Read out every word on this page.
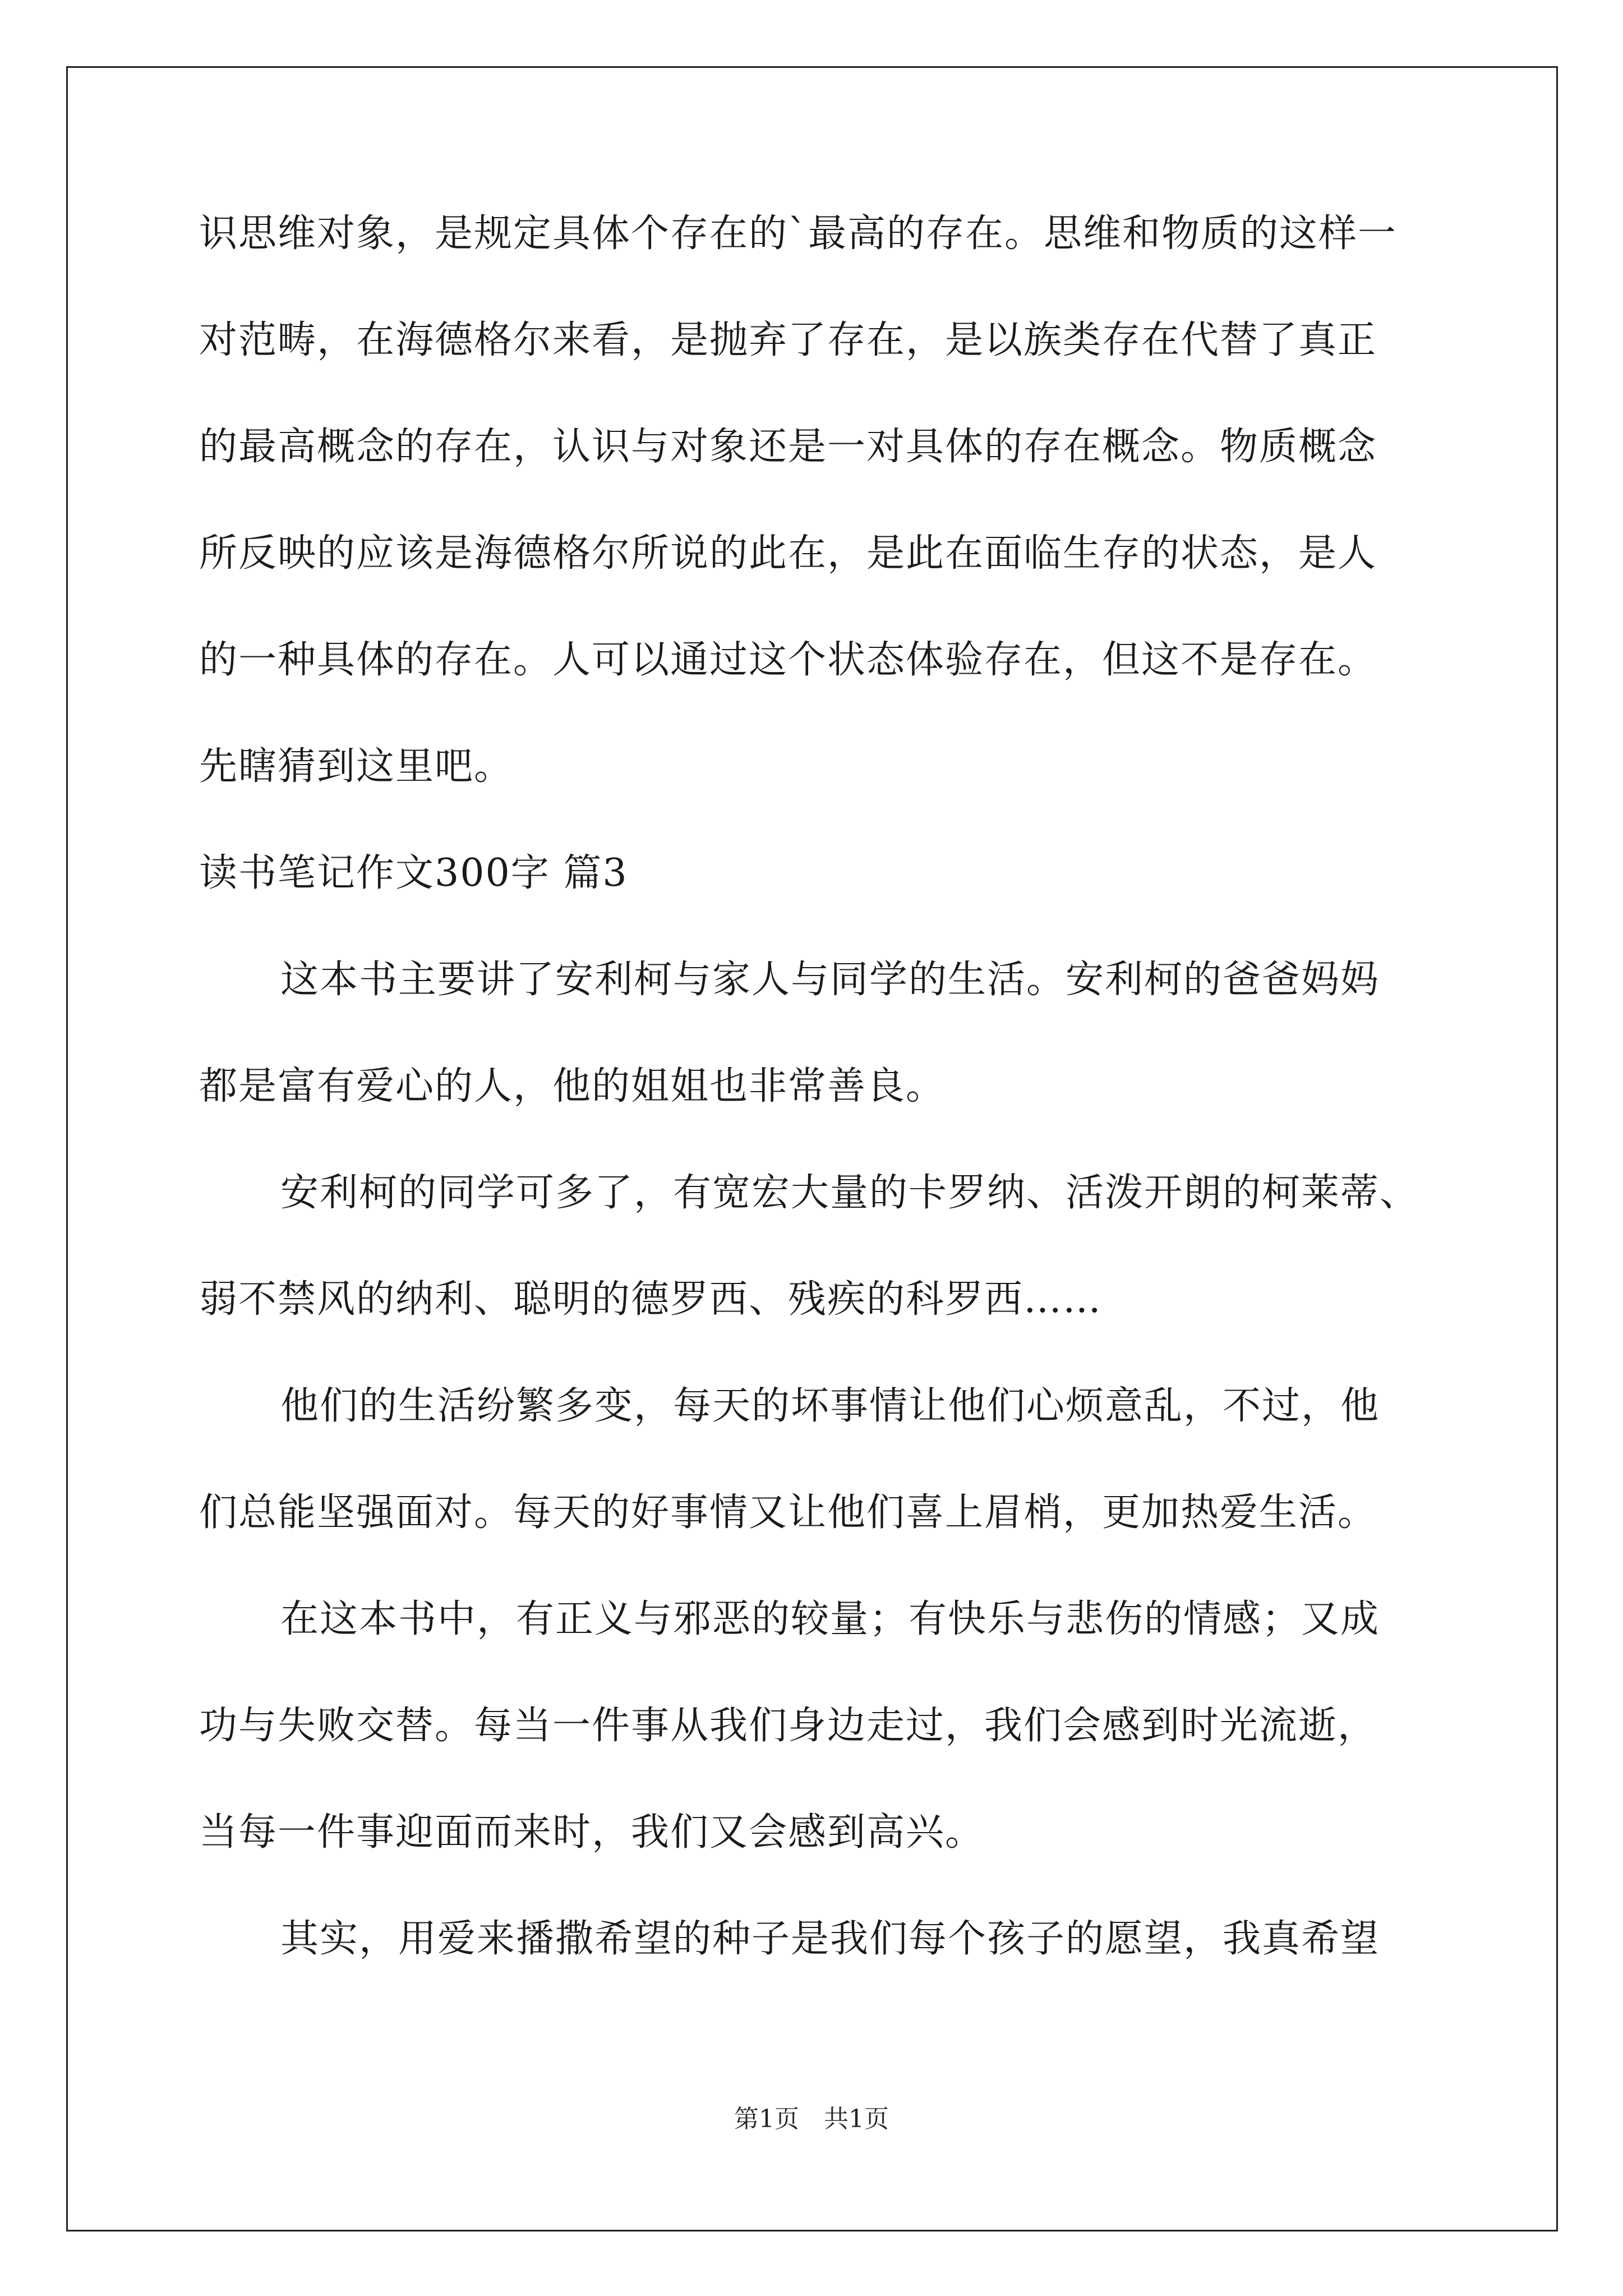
识思维对象，是规定具体个存在的`最高的存在。思维和物质的这样一

对范畴，在海德格尔来看，是抛弃了存在，是以族类存在代替了真正

的最高概念的存在，认识与对象还是一对具体的存在概念。物质概念

所反映的应该是海德格尔所说的此在，是此在面临生存的状态，是人

的一种具体的存在。人可以通过这个状态体验存在，但这不是存在。

先瞎猜到这里吧。

读书笔记作文300字 篇3

这本书主要讲了安利柯与家人与同学的生活。安利柯的爸爸妈妈

都是富有爱心的人，他的姐姐也非常善良。

安利柯的同学可多了，有宽宏大量的卡罗纳、活泼开朗的柯莱蒂、

弱不禁风的纳利、聪明的德罗西、残疾的科罗西……

他们的生活纷繁多变，每天的坏事情让他们心烦意乱，不过，他

们总能坚强面对。每天的好事情又让他们喜上眉梢，更加热爱生活。

在这本书中，有正义与邪恶的较量；有快乐与悲伤的情感；又成

功与失败交替。每当一件事从我们身边走过，我们会感到时光流逝，

当每一件事迎面而来时，我们又会感到高兴。

其实，用爱来播撒希望的种子是我们每个孩子的愿望，我真希望

第1页　共1页
